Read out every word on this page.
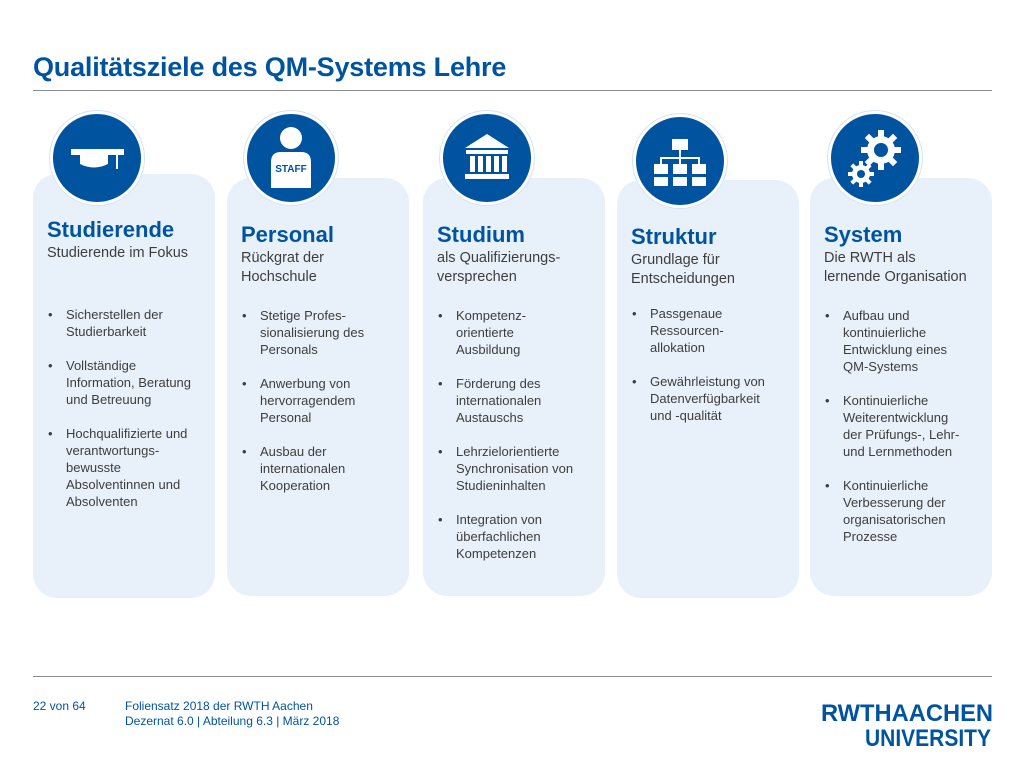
Qualitätsziele des QM-Systems Lehre
Studierende
Studierende im Fokus
• Sicherstellen der
Studierbarkeit
• Vollständige
Information, Beratung
und Betreuung
• Hochqualifizierte und
verantwortungs-
bewusste
Absolventinnen und
Absolventen
Personal
Rückgrat der
Hochschule
• Stetige Profes-
sionalisierung des
Personals
• Anwerbung von
hervorragendem
Personal
• Ausbau der
internationalen
Kooperation
Studium
als Qualifizierungs-
versprechen
• Kompetenz-
orientierte
Ausbildung
• Förderung des
internationalen
Austauschs
• Lehrzielorientierte
Synchronisation von
Studieninhalten
• Integration von
überfachlichen
Kompetenzen
Struktur
Grundlage für
Entscheidungen
• Passgenaue
Ressourcen-
allokation
• Gewährleistung von
Datenverfügbarkeit
und -qualität
System
Die RWTH als
lernende Organisation
• Aufbau und
kontinuierliche
Entwicklung eines
QM-Systems
• Kontinuierliche
Weiterentwicklung
der Prüfungs-, Lehr-
und Lernmethoden
• Kontinuierliche
Verbesserung der
organisatorischen
Prozesse
STAFF
22 von 64	Foliensatz 2018 der RWTH Aachen
Dezernat 6.0 | Abteilung 6.3 | März 2018	RWTHAACHEN
UNIVERSITY
